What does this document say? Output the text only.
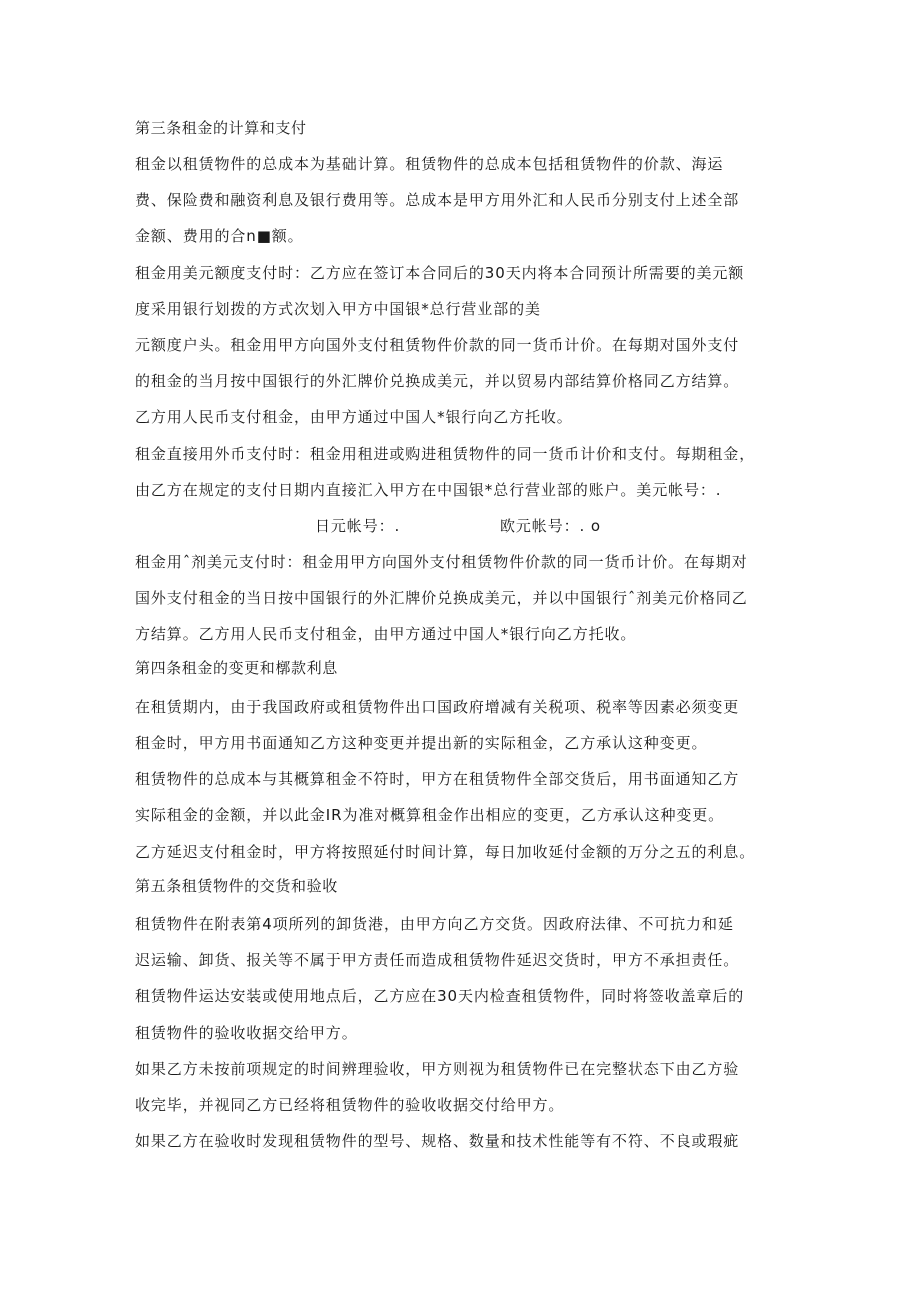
第三条租金的计算和支付
租金以租赁物件的总成本为基础计算。租赁物件的总成本包括租赁物件的价款、海运
费、保险费和融资利息及银行费用等。总成本是甲方用外汇和人民币分别支付上述全部
金额、费用的合n■额。
租金用美元额度支付时：乙方应在签订本合同后的30天内将本合同预计所需要的美元额
度采用银行划拨的方式次划入甲方中国银*总行营业部的美
元额度户头。租金用甲方向国外支付租赁物件价款的同一货币计价。在每期对国外支付
的租金的当月按中国银行的外汇牌价兑换成美元，并以贸易内部结算价格同乙方结算。
乙方用人民币支付租金，由甲方通过中国人*银行向乙方托收。
租金直接用外币支付时：租金用租进或购进租赁物件的同一货币计价和支付。每期租金，
由乙方在规定的支付日期内直接汇入甲方在中国银*总行营业部的账户。美元帐号：.
日元帐号：.	欧元帐号：. o
租金用ˆ剂美元支付时：租金用甲方向国外支付租赁物件价款的同一货币计价。在每期对
国外支付租金的当日按中国银行的外汇牌价兑换成美元，并以中国银行ˆ剂美元价格同乙
方结算。乙方用人民币支付租金，由甲方通过中国人*银行向乙方托收。
第四条租金的变更和槨款利息
在租赁期内，由于我国政府或租赁物件出口国政府增减有关税项、税率等因素必须变更
租金时，甲方用书面通知乙方这种变更并提出新的实际租金，乙方承认这种变更。
租赁物件的总成本与其概算租金不符时，甲方在租赁物件全部交货后，用书面通知乙方
实际租金的金额，并以此金IR为准对概算租金作出相应的变更，乙方承认这种变更。
乙方延迟支付租金时，甲方将按照延付时间计算，每日加收延付金额的万分之五的利息。
第五条租赁物件的交货和验收
租赁物件在附表第4项所列的卸货港，由甲方向乙方交货。因政府法律、不可抗力和延
迟运输、卸货、报关等不属于甲方责任而造成租赁物件延迟交货时，甲方不承担责任。
租赁物件运达安装或使用地点后，乙方应在30天内检查租赁物件，同时将签收盖章后的
租赁物件的验收收据交给甲方。
如果乙方未按前项规定的时间辨理验收，甲方则视为租赁物件已在完整状态下由乙方验
收完毕，并视同乙方已经将租赁物件的验收收据交付给甲方。
如果乙方在验收时发现租赁物件的型号、规格、数量和技术性能等有不符、不良或瑕疵
